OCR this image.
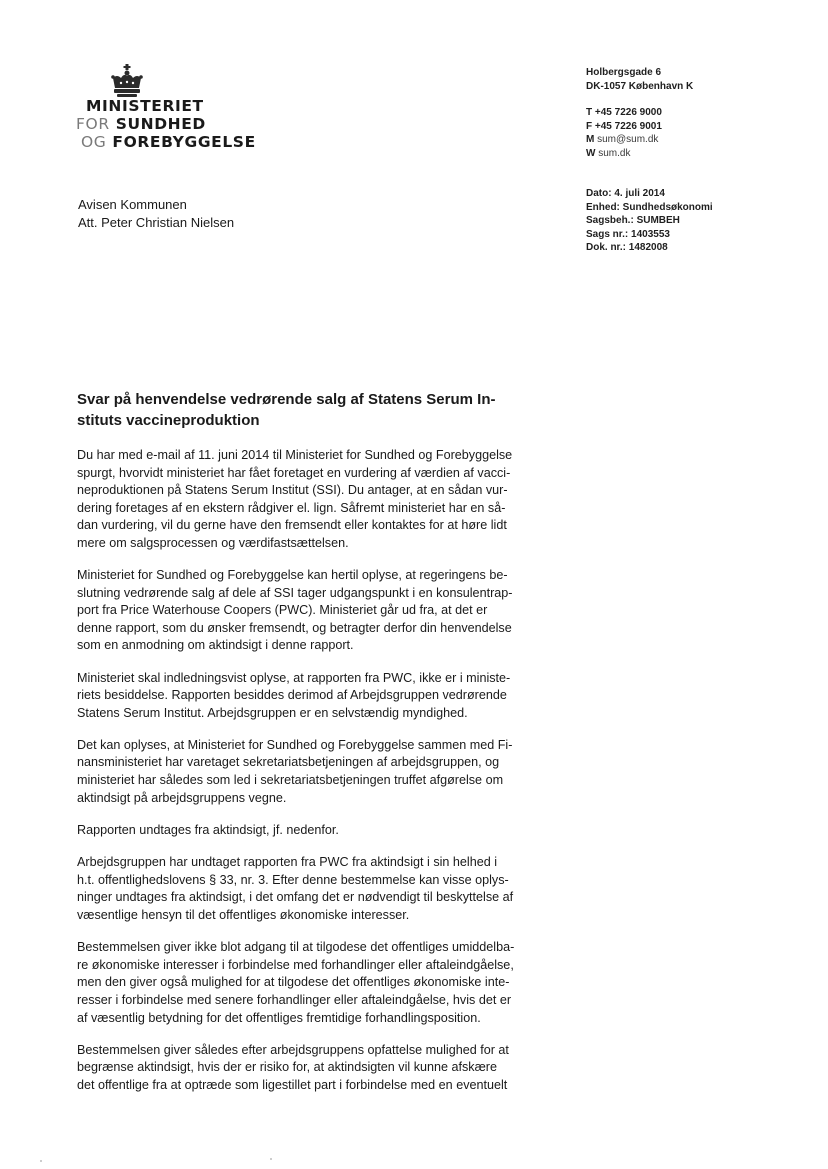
MINISTERIET
FOR SUNDHED
OG FOREBYGGELSE
Holbergsgade 6
DK-1057 København K
T +45 7226 9000
F +45 7226 9001
M sum@sum.dk
W sum.dk
Dato: 4. juli 2014
Enhed: Sundhedsøkonomi
Sagsbeh.: SUMBEH
Sags nr.: 1403553
Dok. nr.: 1482008
Avisen Kommunen
Att. Peter Christian Nielsen
Svar på henvendelse vedrørende salg af Statens Serum In-
stituts vaccineproduktion
Du har med e-mail af 11. juni 2014 til Ministeriet for Sundhed og Forebyggelse
spurgt, hvorvidt ministeriet har fået foretaget en vurdering af værdien af vacci-
neproduktionen på Statens Serum Institut (SSI). Du antager, at en sådan vur-
dering foretages af en ekstern rådgiver el. lign. Såfremt ministeriet har en så-
dan vurdering, vil du gerne have den fremsendt eller kontaktes for at høre lidt
mere om salgsprocessen og værdifastsættelsen.
Ministeriet for Sundhed og Forebyggelse kan hertil oplyse, at regeringens be-
slutning vedrørende salg af dele af SSI tager udgangspunkt i en konsulentrap-
port fra Price Waterhouse Coopers (PWC). Ministeriet går ud fra, at det er
denne rapport, som du ønsker fremsendt, og betragter derfor din henvendelse
som en anmodning om aktindsigt i denne rapport.
Ministeriet skal indledningsvist oplyse, at rapporten fra PWC, ikke er i ministe-
riets besiddelse. Rapporten besiddes derimod af Arbejdsgruppen vedrørende
Statens Serum Institut. Arbejdsgruppen er en selvstændig myndighed.
Det kan oplyses, at Ministeriet for Sundhed og Forebyggelse sammen med Fi-
nansministeriet har varetaget sekretariatsbetjeningen af arbejdsgruppen, og
ministeriet har således som led i sekretariatsbetjeningen truffet afgørelse om
aktindsigt på arbejdsgruppens vegne.
Rapporten undtages fra aktindsigt, jf. nedenfor.
Arbejdsgruppen har undtaget rapporten fra PWC fra aktindsigt i sin helhed i
h.t. offentlighedslovens § 33, nr. 3. Efter denne bestemmelse kan visse oplys-
ninger undtages fra aktindsigt, i det omfang det er nødvendigt til beskyttelse af
væsentlige hensyn til det offentliges økonomiske interesser.
Bestemmelsen giver ikke blot adgang til at tilgodese det offentliges umiddelba-
re økonomiske interesser i forbindelse med forhandlinger eller aftaleindgåelse,
men den giver også mulighed for at tilgodese det offentliges økonomiske inte-
resser i forbindelse med senere forhandlinger eller aftaleindgåelse, hvis det er
af væsentlig betydning for det offentliges fremtidige forhandlingsposition.
Bestemmelsen giver således efter arbejdsgruppens opfattelse mulighed for at
begrænse aktindsigt, hvis der er risiko for, at aktindsigten vil kunne afskære
det offentlige fra at optræde som ligestillet part i forbindelse med en eventuelt
